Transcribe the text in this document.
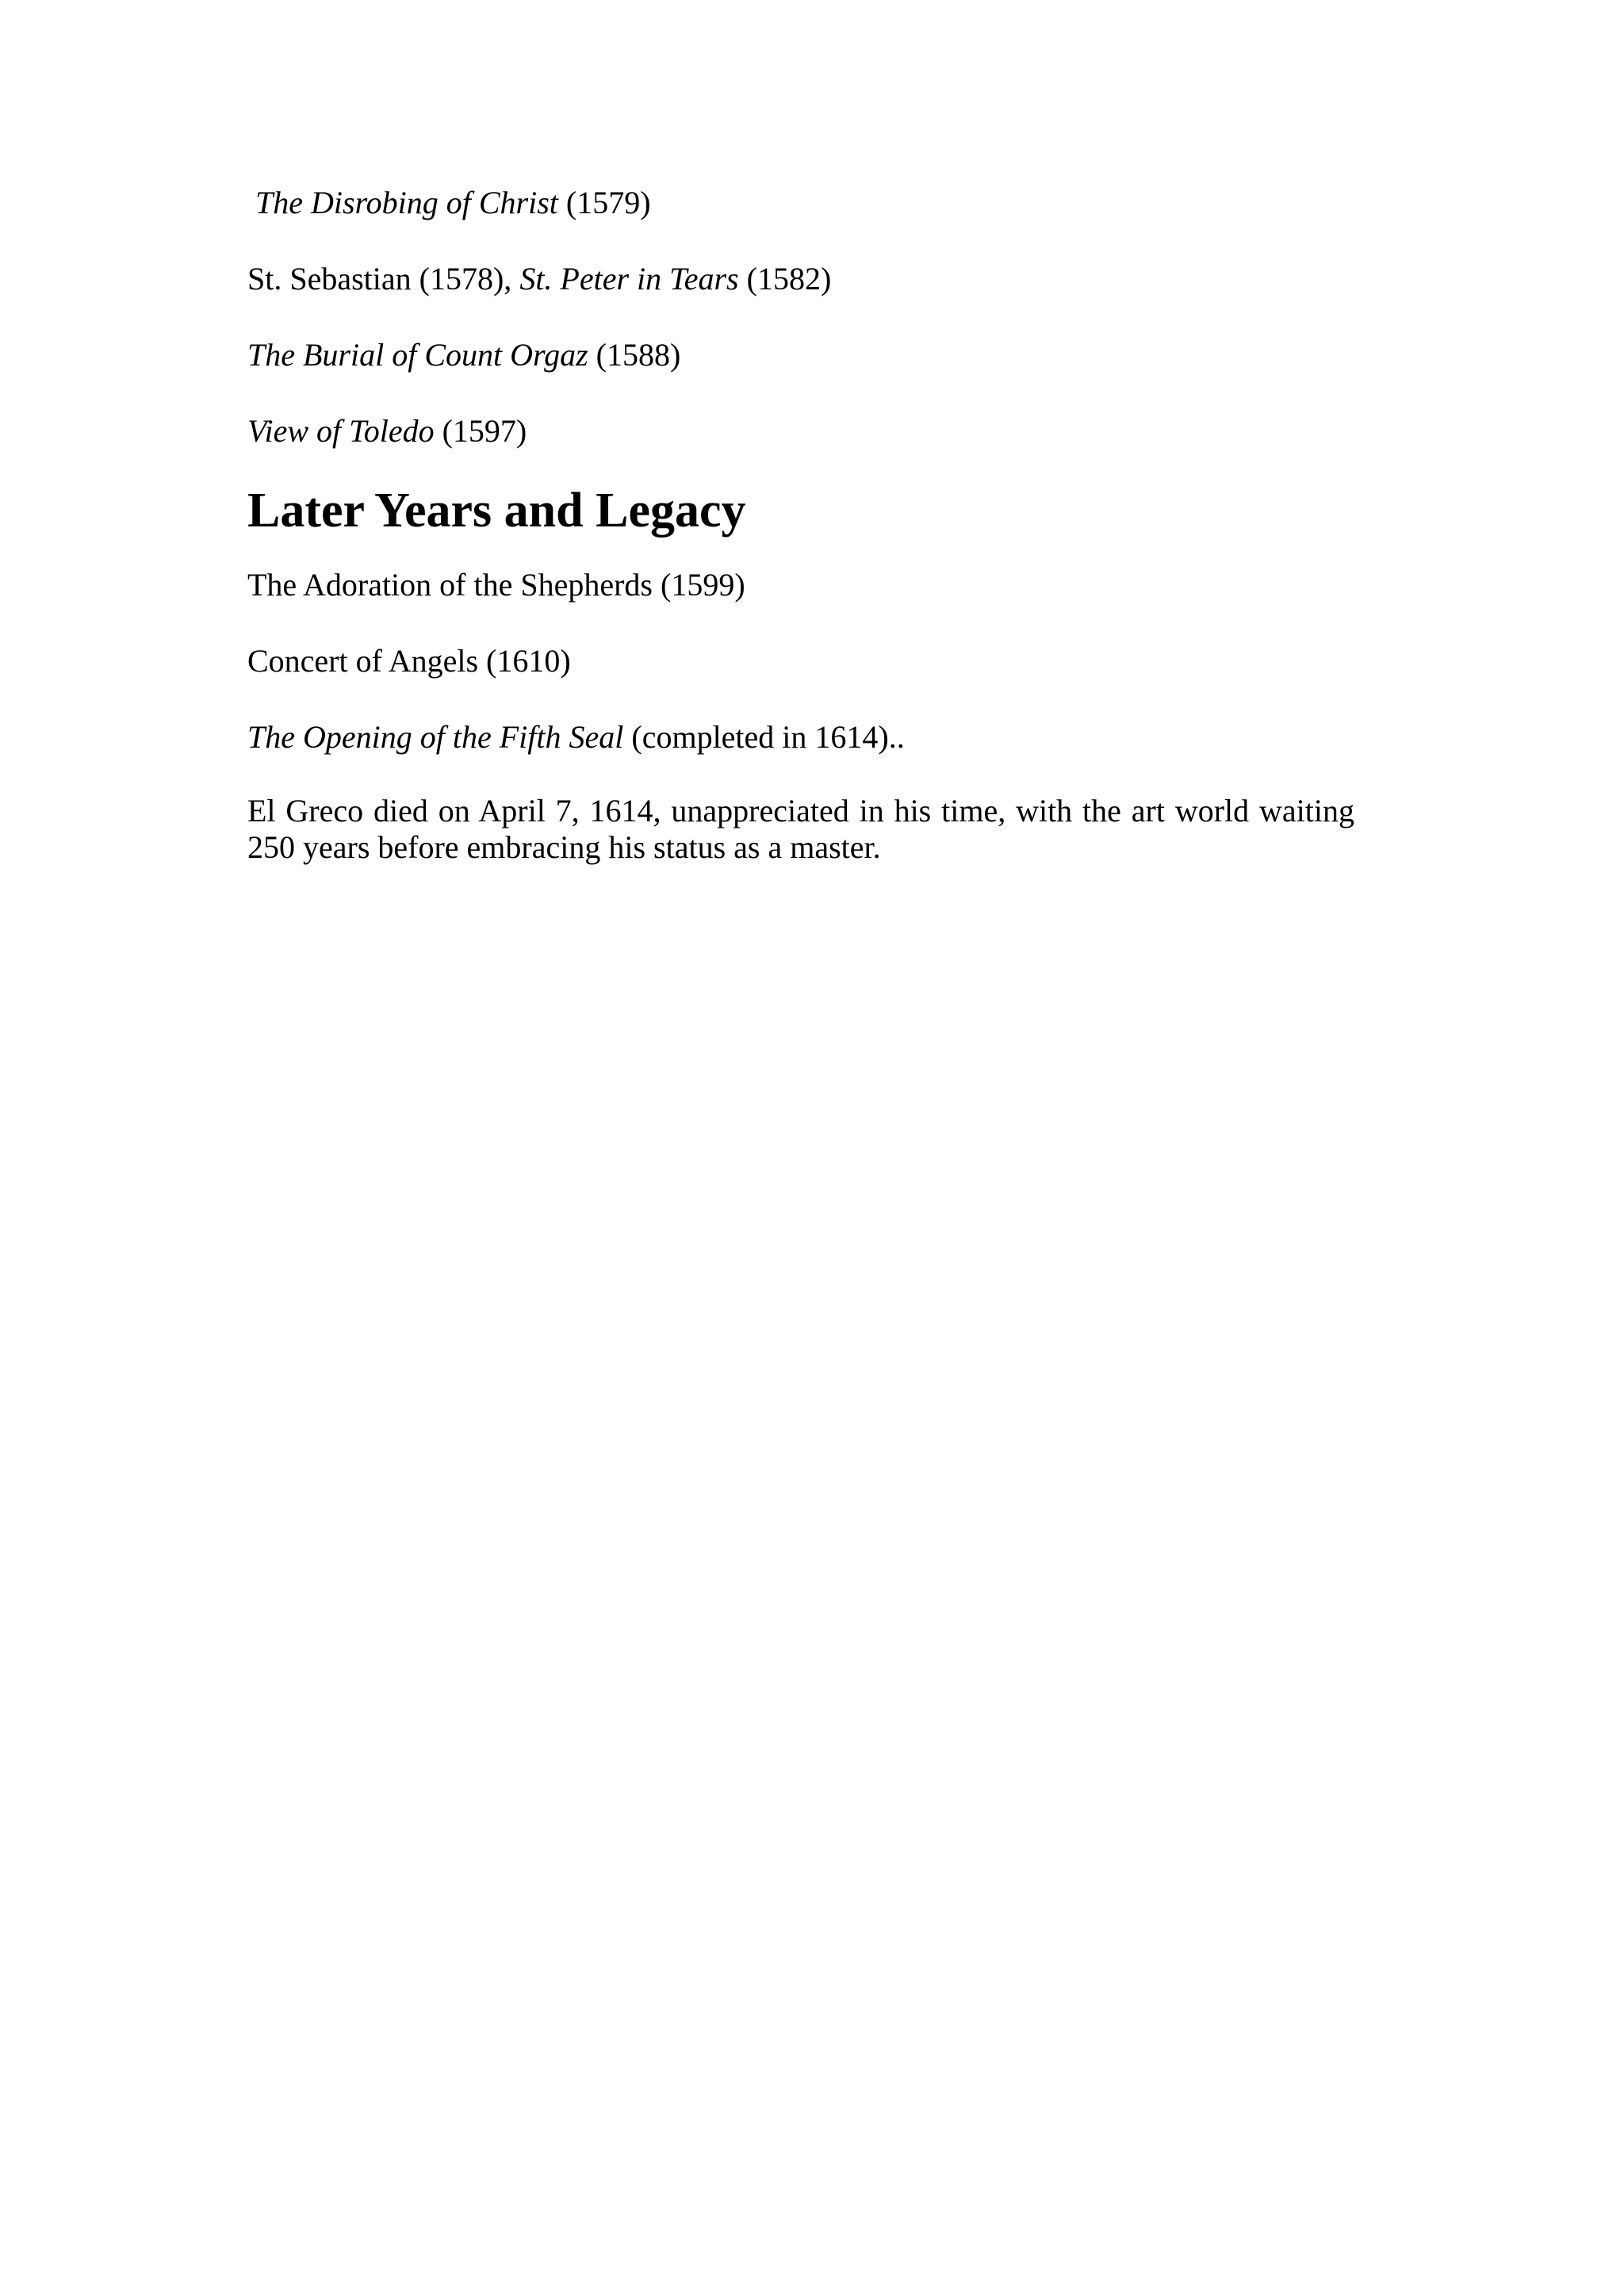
The Disrobing of Christ (1579)

St. Sebastian (1578), St. Peter in Tears (1582)

The Burial of Count Orgaz (1588)

View of Toledo (1597)

Later Years and Legacy

The Adoration of the Shepherds (1599)

Concert of Angels (1610)

The Opening of the Fifth Seal (completed in 1614)..

El Greco died on April 7, 1614, unappreciated in his time, with the art world waiting 250 years before embracing his status as a master.
